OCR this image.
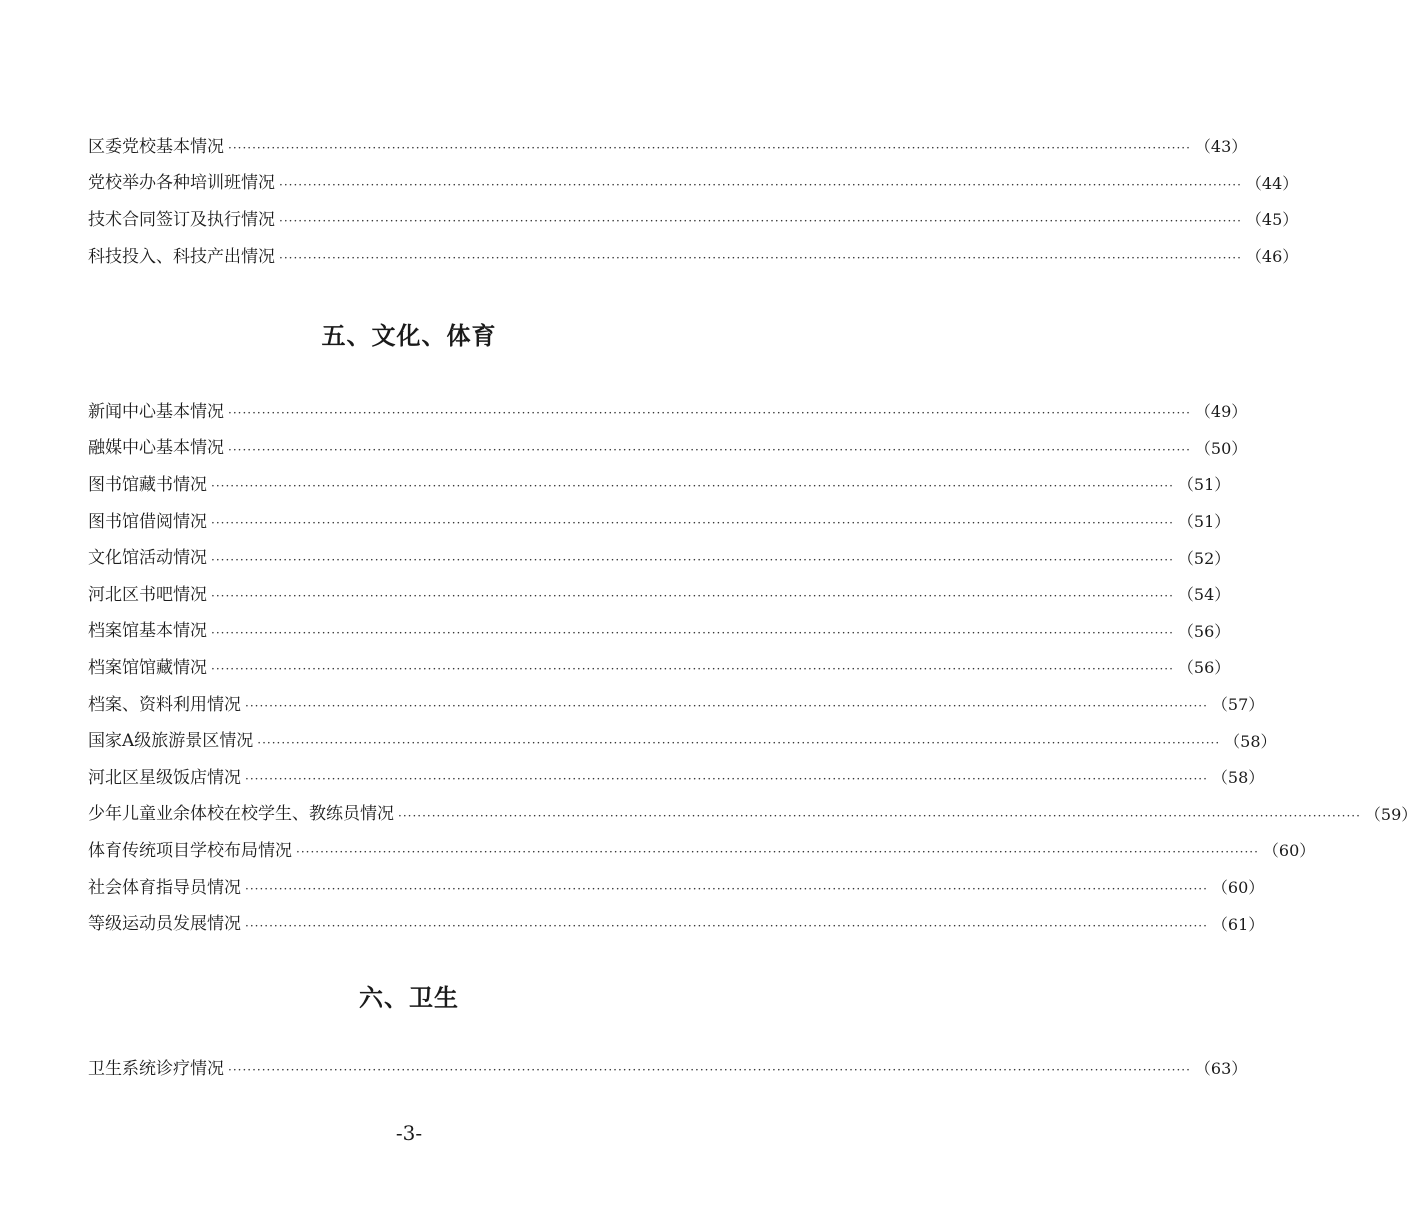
区委党校基本情况 ········································································································································································································ （43）
党校举办各种培训班情况 ········································································································································································································ （44）
技术合同签订及执行情况 ········································································································································································································ （45）
科技投入、科技产出情况 ········································································································································································································ （46）
五、文化、体育
新闻中心基本情况 ········································································································································································································ （49）
融媒中心基本情况 ········································································································································································································ （50）
图书馆藏书情况 ········································································································································································································ （51）
图书馆借阅情况 ········································································································································································································ （51）
文化馆活动情况 ········································································································································································································ （52）
河北区书吧情况 ········································································································································································································ （54）
档案馆基本情况 ········································································································································································································ （56）
档案馆馆藏情况 ········································································································································································································ （56）
档案、资料利用情况 ········································································································································································································ （57）
国家A级旅游景区情况 ········································································································································································································ （58）
河北区星级饭店情况 ········································································································································································································ （58）
少年儿童业余体校在校学生、教练员情况 ········································································································································································································ （59）
体育传统项目学校布局情况 ········································································································································································································ （60）
社会体育指导员情况 ········································································································································································································ （60）
等级运动员发展情况 ········································································································································································································ （61）
六、卫生
卫生系统诊疗情况 ········································································································································································································ （63）
-3-
